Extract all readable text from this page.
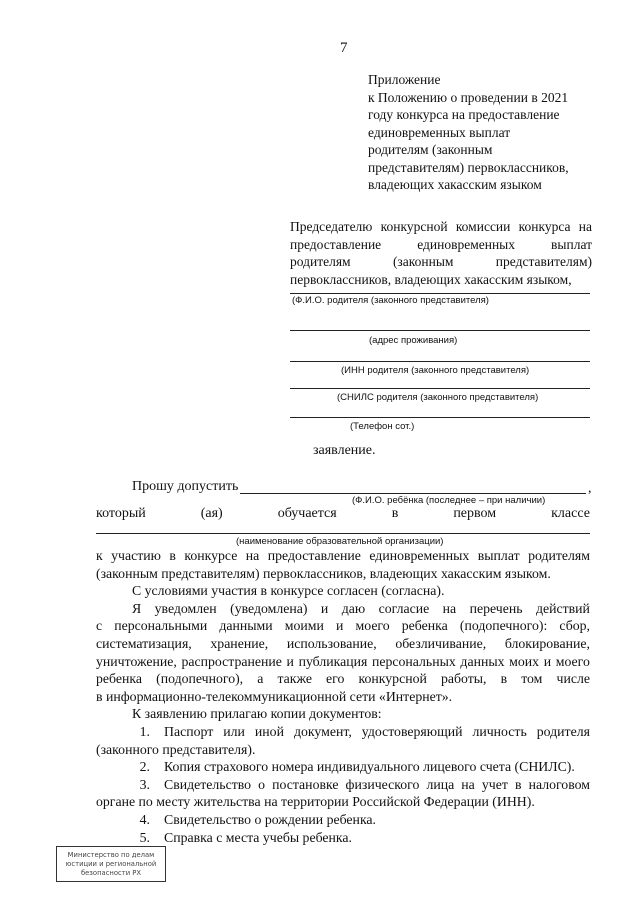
7
Приложение
к Положению о проведении в 2021
году конкурса на предоставление
единовременных выплат
родителям (законным
представителям) первоклассников,
владеющих хакасским языком
Председателю конкурсной комиссии конкурса на
предоставление	единовременных	выплат
родителям	(законным	представителям)
первоклассников, владеющих хакасским языком,
(Ф.И.О. родителя (законного представителя)
(адрес проживания)
(ИНН родителя (законного представителя)
(СНИЛС родителя (законного представителя)
(Телефон сот.)
заявление.
Прошу допустить	,
(Ф.И.О. ребёнка (последнее – при наличии)
который	(ая)	обучается	в	первом	классе
(наименование образовательной организации)
к участию в конкурсе на предоставление единовременных выплат родителям

(законным представителям) первоклассников, владеющих хакасским языком.

С условиями участия в конкурсе согласен (согласна).

Я уведомлен (уведомлена) и даю согласие на перечень действий
с персональными данными моими и моего ребенка (подопечного): сбор,
систематизация, хранение, использование, обезличивание, блокирование,
уничтожение, распространение и публикация персональных данных моих и моего
ребенка (подопечного), а также его конкурсной работы, в том числе

в информационно-телекоммуникационной сети «Интернет».

К заявлению прилагаю копии документов:

1.	Паспорт или иной документ, удостоверяющий личность родителя

(законного представителя).

2.	Копия страхового номера индивидуального лицевого счета (СНИЛС).
3.	Свидетельство о постановке физического лица на учет в налоговом

органе по месту жительства на территории Российской Федерации (ИНН).

4.	Свидетельство о рождении ребенка.
5.	Справка с места учебы ребенка.
Министерство по делам
юстиции и региональной
безопасности РХ
